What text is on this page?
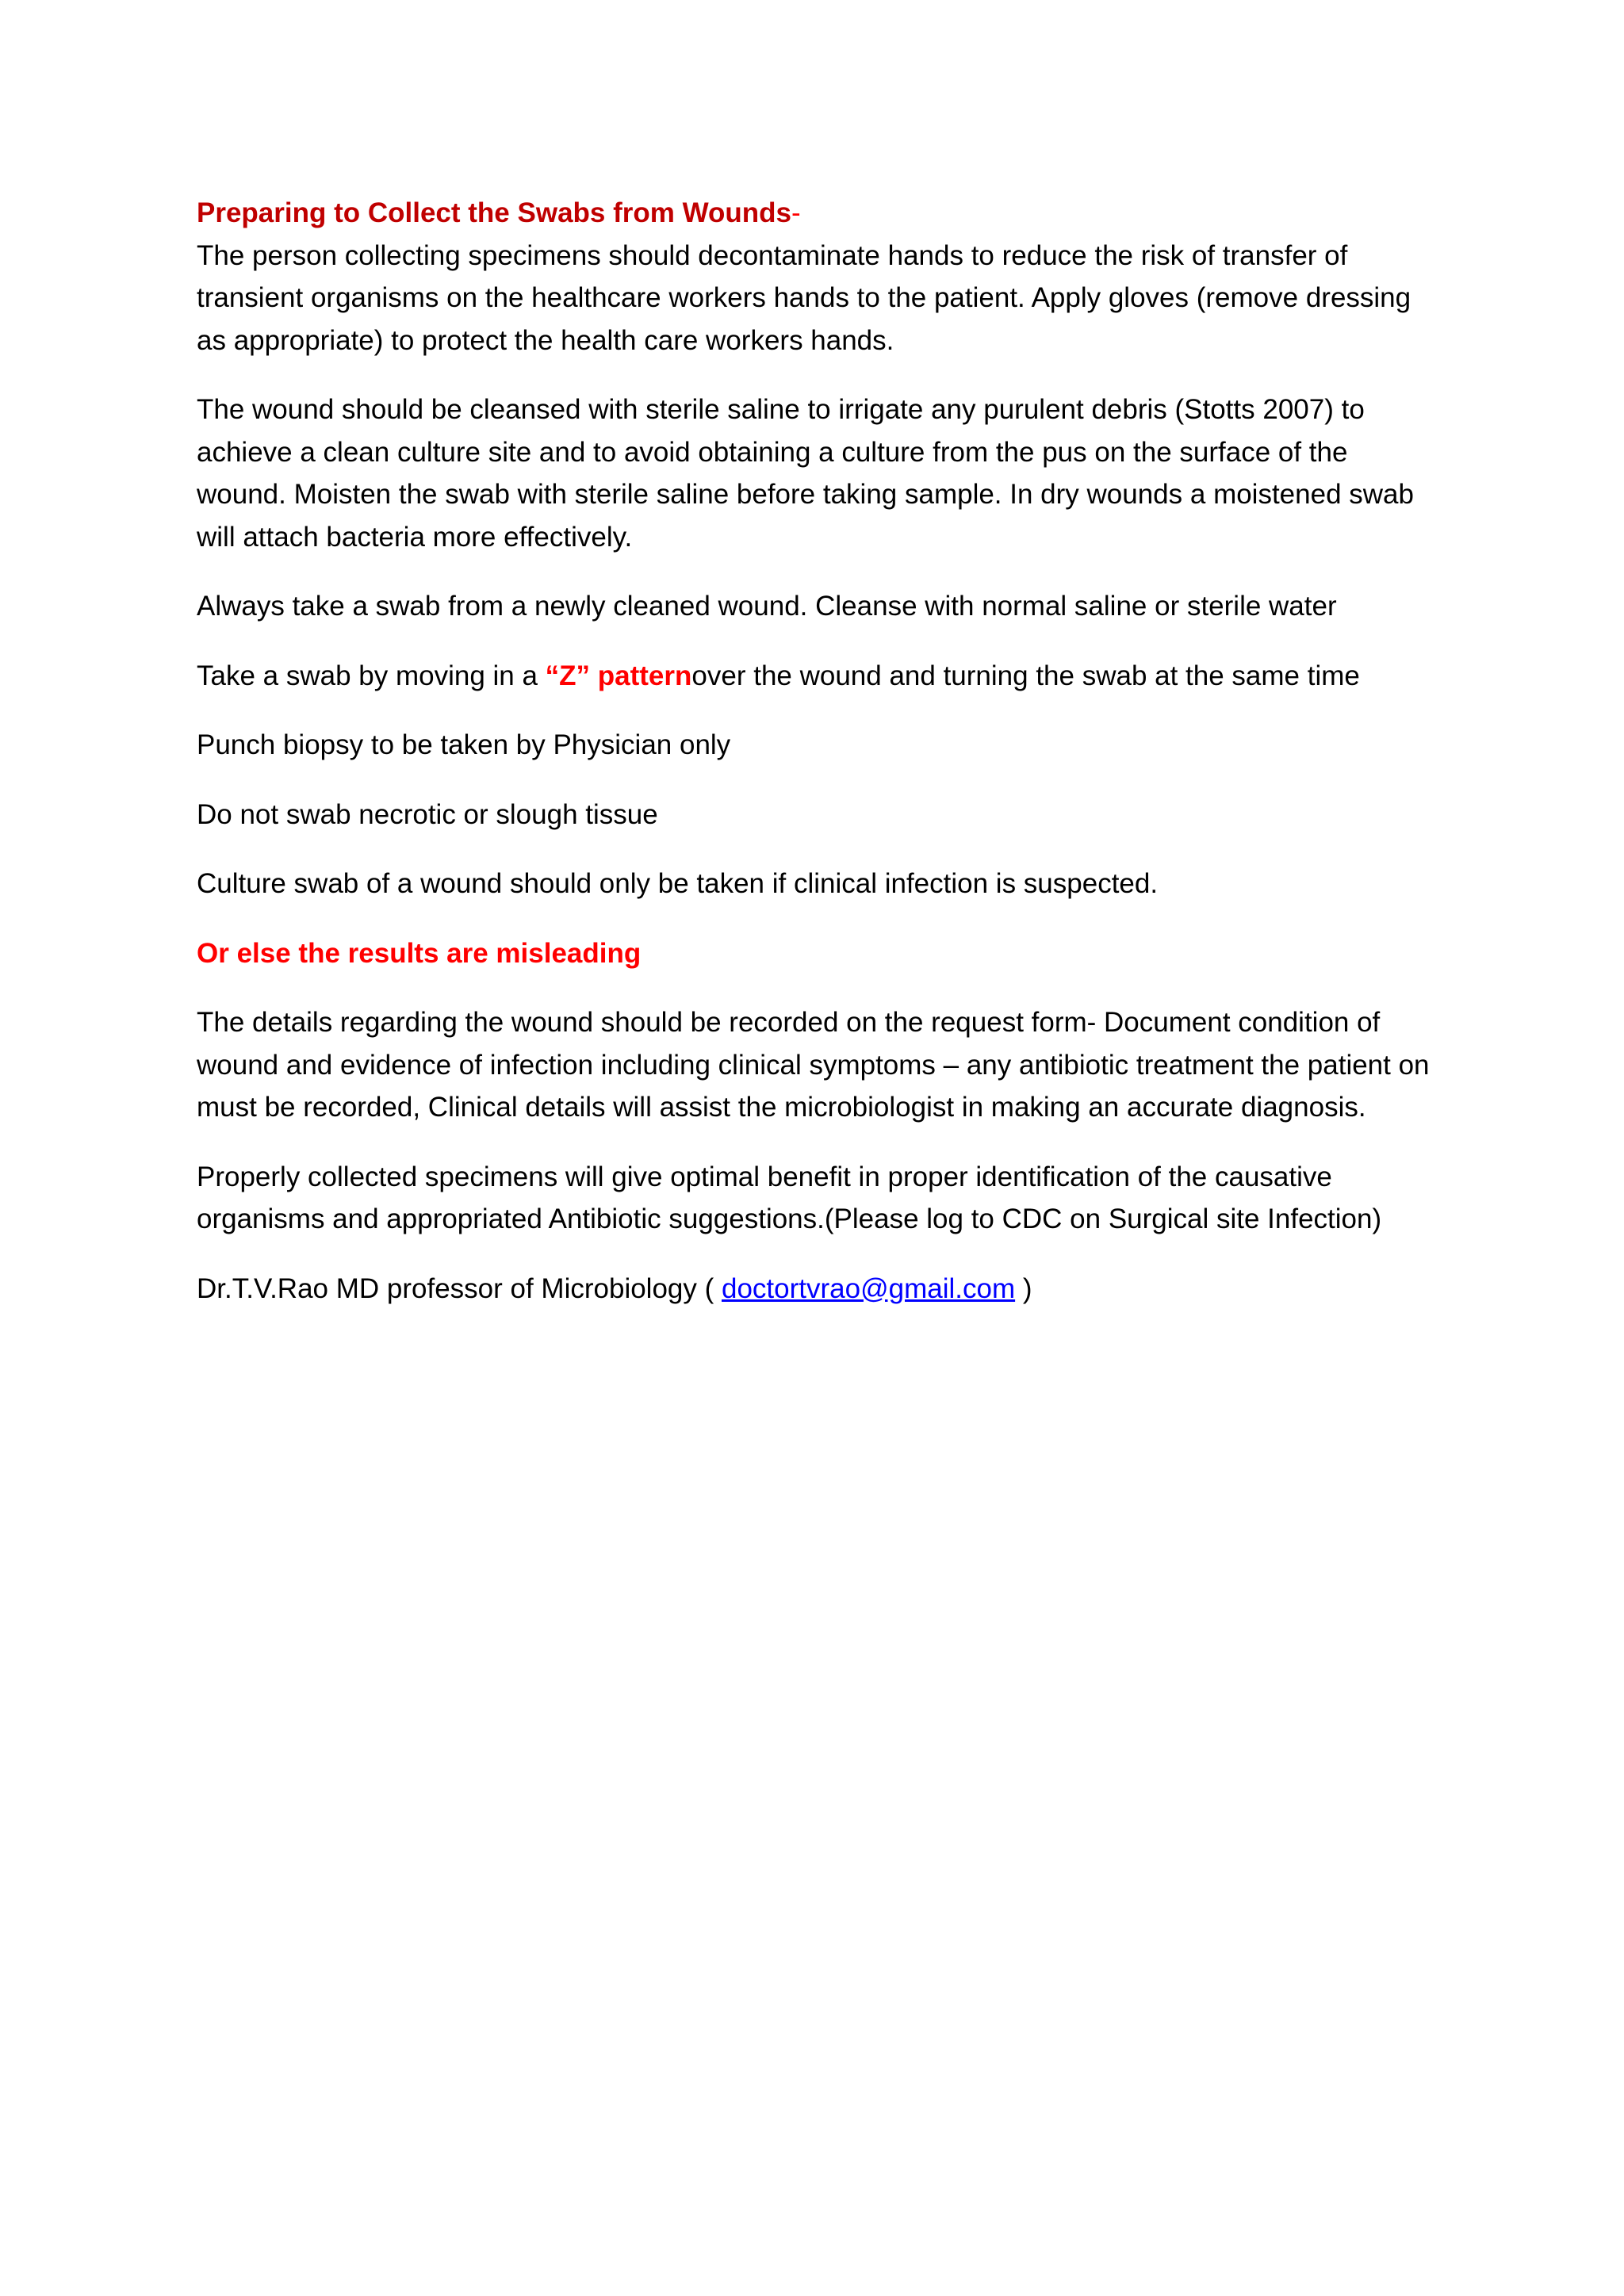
Preparing to Collect the Swabs from Wounds-

The person collecting specimens should decontaminate hands to reduce the risk of transfer of transient organisms on the healthcare workers hands to the patient. Apply gloves (remove dressing as appropriate) to protect the health care workers hands.

The wound should be cleansed with sterile saline to irrigate any purulent debris (Stotts 2007) to achieve a clean culture site and to avoid obtaining a culture from the pus on the surface of the wound. Moisten the swab with sterile saline before taking sample. In dry wounds a moistened swab will attach bacteria more effectively.

Always take a swab from a newly cleaned wound. Cleanse with normal saline or sterile water

Take a swab by moving in a “Z” patternover the wound and turning the swab at the same time

Punch biopsy to be taken by Physician only

Do not swab necrotic or slough tissue

Culture swab of a wound should only be taken if clinical infection is suspected.

Or else the results are misleading

The details regarding the wound should be recorded on the request form- Document condition of wound and evidence of infection including clinical symptoms – any antibiotic treatment the patient on must be recorded, Clinical details will assist the microbiologist in making an accurate diagnosis.

Properly collected specimens will give optimal benefit in proper identification of the causative organisms and appropriated Antibiotic suggestions.(Please log to CDC on Surgical site Infection)

Dr.T.V.Rao MD professor of Microbiology ( doctortvrao@gmail.com )
